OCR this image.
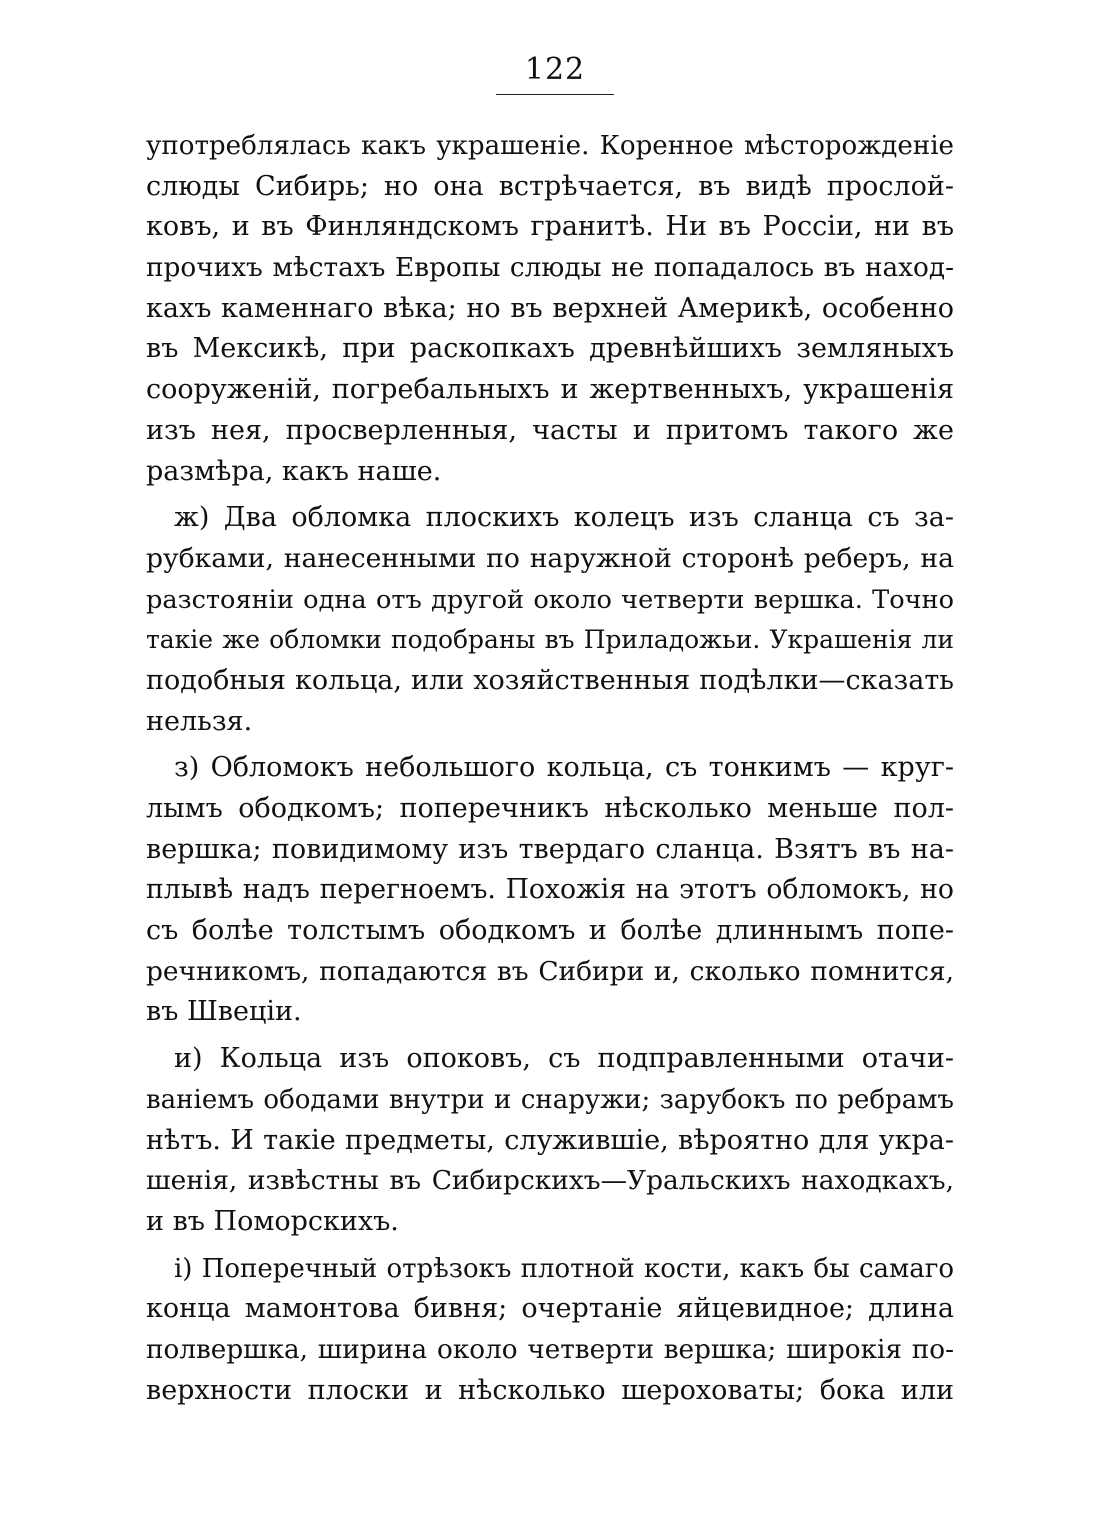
122
употреблялась какъ украшеніе. Коренное мѣсторожденіе
слюды Сибирь; но она встрѣчается, въ видѣ прослой-
ковъ, и въ Финляндскомъ гранитѣ. Ни въ Россіи, ни въ
прочихъ мѣстахъ Европы слюды не попадалось въ наход-
кахъ каменнаго вѣка; но въ верхней Америкѣ, особенно
въ Мексикѣ, при раскопкахъ древнѣйшихъ земляныхъ
сооруженій, погребальныхъ и жертвенныхъ, украшенія
изъ нея, просверленныя, часты и притомъ такого же
размѣра, какъ наше.
ж) Два обломка плоскихъ колецъ изъ сланца съ за-
рубками, нанесенными по наружной сторонѣ реберъ, на
разстояніи одна отъ другой около четверти вершка. Точно
такіе же обломки подобраны въ Приладожьи. Украшенія ли
подобныя кольца, или хозяйственныя подѣлки—сказать
нельзя.
з) Обломокъ небольшого кольца, съ тонкимъ — круг-
лымъ ободкомъ; поперечникъ нѣсколько меньше пол-
вершка; повидимому изъ твердаго сланца. Взятъ въ на-
плывѣ надъ перегноемъ. Похожія на этотъ обломокъ, но
съ болѣе толстымъ ободкомъ и болѣе длиннымъ попе-
речникомъ, попадаются въ Сибири и, сколько помнится,
въ Швеціи.
и) Кольца изъ опоковъ, съ подправленными отачи-
ваніемъ ободами внутри и снаружи; зарубокъ по ребрамъ
нѣтъ. И такіе предметы, служившіе, вѣроятно для укра-
шенія, извѣстны въ Сибирскихъ—Уральскихъ находкахъ,
и въ Поморскихъ.
і) Поперечный отрѣзокъ плотной кости, какъ бы самаго
конца мамонтова бивня; очертаніе яйцевидное; длина
полвершка, ширина около четверти вершка; широкія по-
верхности плоски и нѣсколько шероховаты; бока или
